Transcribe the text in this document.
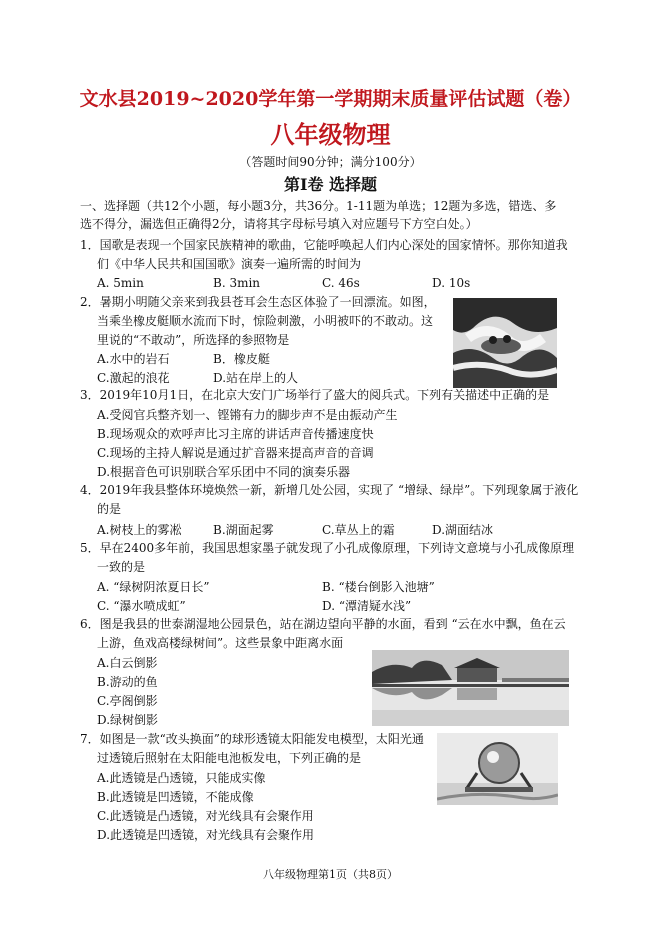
文水县2019~2020学年第一学期期末质量评估试题（卷）
八年级物理
（答题时间90分钟；满分100分）
第Ⅰ卷 选择题
一、选择题（共12个小题，每小题3分，共36分。1-11题为单选；12题为多选，错选、多
选不得分，漏选但正确得2分，请将其字母标号填入对应题号下方空白处。）
1．国歌是表现一个国家民族精神的歌曲，它能呼唤起人们内心深处的国家情怀。那你知道我
们《中华人民共和国国歌》演奏一遍所需的时间为
A. 5min	B. 3min	C. 46s	D. 10s
2．暑期小明随父亲来到我县苍耳会生态区体验了一回漂流。如图，
当乘坐橡皮艇顺水流而下时，惊险刺激，小明被吓的不敢动。这
里说的“不敢动”，所选择的参照物是
A.水中的岩石	B．橡皮艇
C.激起的浪花	D.站在岸上的人
3．2019年10月1日，在北京大安门广场举行了盛大的阅兵式。下列有关描述中正确的是
A.受阅官兵整齐划一、铿锵有力的脚步声不是由振动产生
B.现场观众的欢呼声比习主席的讲话声音传播速度快
C.现场的主持人解说是通过扩音器来提高声音的音调
D.根据音色可识别联合军乐团中不同的演奏乐器
4．2019年我县整体环境焕然一新，新增几处公园，实现了 “增绿、绿岸”。下列现象属于液化
的是
A.树枝上的雾凇	B.湖面起雾	C.草丛上的霜	D.湖面结冰
5．早在2400多年前，我国思想家墨子就发现了小孔成像原理，下列诗文意境与小孔成像原理
一致的是
A. “绿树阴浓夏日长”	B. “楼台倒影入池塘”
C. “瀑水喷成虹”	D. “潭清疑水浅”
6．图是我县的世泰湖湿地公园景色，站在湖边望向平静的水面，看到 “云在水中飘，鱼在云
上游，鱼戏高楼绿树间”。这些景象中距离水面
A.白云倒影
B.游动的鱼
C.亭阁倒影
D.绿树倒影
7．如图是一款“改头换面”的球形透镜太阳能发电模型，太阳光通
过透镜后照射在太阳能电池板发电，下列正确的是
A.此透镜是凸透镜，只能成实像
B.此透镜是凹透镜，不能成像
C.此透镜是凸透镜，对光线具有会聚作用
D.此透镜是凹透镜，对光线具有会聚作用
八年级物理第1页（共8页）
